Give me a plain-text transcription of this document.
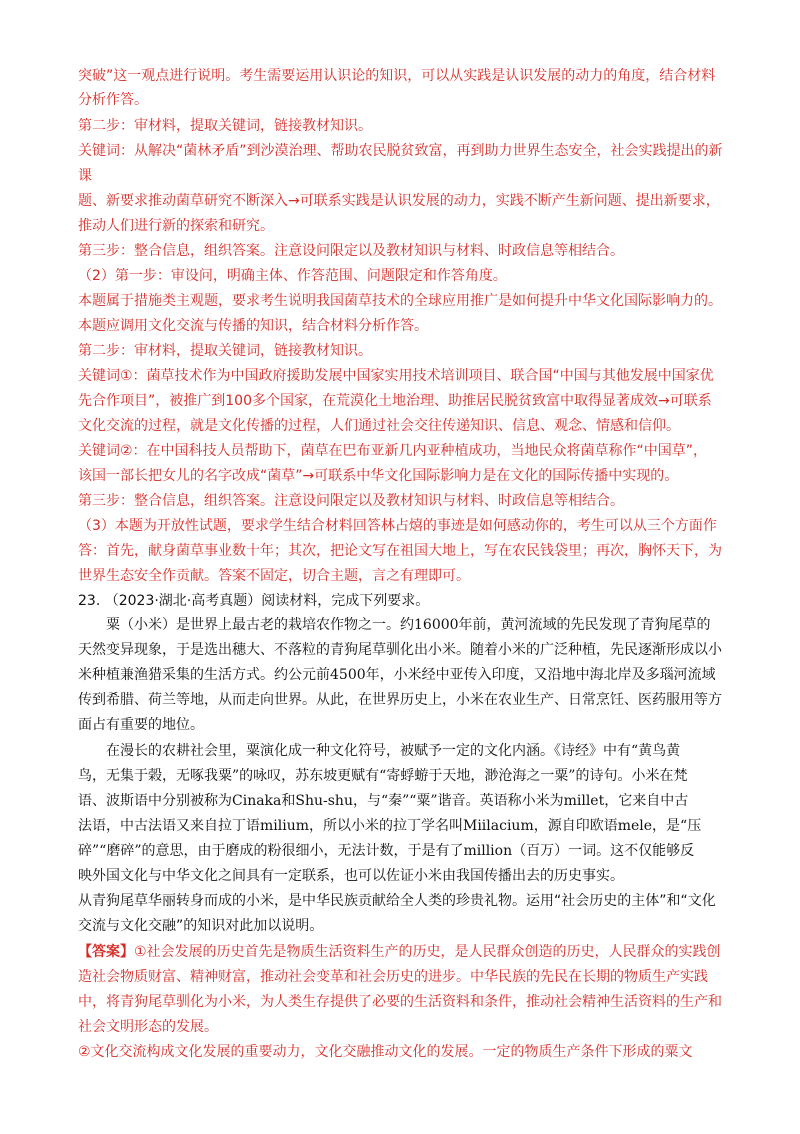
突破”这一观点进行说明。考生需要运用认识论的知识，可以从实践是认识发展的动力的角度，结合材料
分析作答。
第二步：审材料，提取关键词，链接教材知识。
关键词：从解决“菌林矛盾”到沙漠治理、帮助农民脱贫致富，再到助力世界生态安全，社会实践提出的新
课
题、新要求推动菌草研究不断深入→可联系实践是认识发展的动力，实践不断产生新问题、提出新要求，
推动人们进行新的探索和研究。
第三步：整合信息，组织答案。注意设问限定以及教材知识与材料、时政信息等相结合。
（2）第一步：审设问，明确主体、作答范围、问题限定和作答角度。
本题属于措施类主观题，要求考生说明我国菌草技术的全球应用推广是如何提升中华文化国际影响力的。
本题应调用文化交流与传播的知识，结合材料分析作答。
第二步：审材料，提取关键词，链接教材知识。
关键词①：菌草技术作为中国政府援助发展中国家实用技术培训项目、联合国“中国与其他发展中国家优
先合作项目”，被推广到100多个国家，在荒漠化土地治理、助推居民脱贫致富中取得显著成效→可联系
文化交流的过程，就是文化传播的过程，人们通过社会交往传递知识、信息、观念、情感和信仰。
关键词②：在中国科技人员帮助下，菌草在巴布亚新几内亚种植成功，当地民众将菌草称作“中国草”，
该国一部长把女儿的名字改成“菌草”→可联系中华文化国际影响力是在文化的国际传播中实现的。
第三步：整合信息，组织答案。注意设问限定以及教材知识与材料、时政信息等相结合。
（3）本题为开放性试题，要求学生结合材料回答林占熺的事迹是如何感动你的，考生可以从三个方面作
答：首先，献身菌草事业数十年；其次，把论文写在祖国大地上，写在农民钱袋里；再次，胸怀天下，为
世界生态安全作贡献。答案不固定，切合主题，言之有理即可。
23. （2023·湖北·高考真题）阅读材料，完成下列要求。
粟（小米）是世界上最古老的栽培农作物之一。约16000年前，黄河流域的先民发现了青狗尾草的
天然变异现象，于是选出穗大、不落粒的青狗尾草驯化出小米。随着小米的广泛种植，先民逐渐形成以小
米种植兼渔猎采集的生活方式。约公元前4500年，小米经中亚传入印度，又沿地中海北岸及多瑙河流域
传到希腊、荷兰等地，从而走向世界。从此，在世界历史上，小米在农业生产、日常烹饪、医药服用等方
面占有重要的地位。
在漫长的农耕社会里，粟演化成一种文化符号，被赋予一定的文化内涵。《诗经》中有“黄鸟黄
鸟，无集于榖，无啄我粟”的咏叹，苏东坡更赋有“寄蜉蝣于天地，渺沧海之一粟”的诗句。小米在梵
语、波斯语中分别被称为Cinaka和Shu-shu，与“秦”“粟”谐音。英语称小米为millet，它来自中古
法语，中古法语又来自拉丁语milium，所以小米的拉丁学名叫Miilacium，源自印欧语mele，是“压
碎”“磨碎”的意思，由于磨成的粉很细小，无法计数，于是有了million（百万）一词。这不仅能够反
映外国文化与中华文化之间具有一定联系，也可以佐证小米由我国传播出去的历史事实。
从青狗尾草华丽转身而成的小米，是中华民族贡献给全人类的珍贵礼物。运用“社会历史的主体”和“文化
交流与文化交融”的知识对此加以说明。
【答案】①社会发展的历史首先是物质生活资料生产的历史，是人民群众创造的历史，人民群众的实践创
造社会物质财富、精神财富，推动社会变革和社会历史的进步。中华民族的先民在长期的物质生产实践
中，将青狗尾草驯化为小米，为人类生存提供了必要的生活资料和条件，推动社会精神生活资料的生产和
社会文明形态的发展。
②文化交流构成文化发展的重要动力，文化交融推动文化的发展。一定的物质生产条件下形成的粟文
